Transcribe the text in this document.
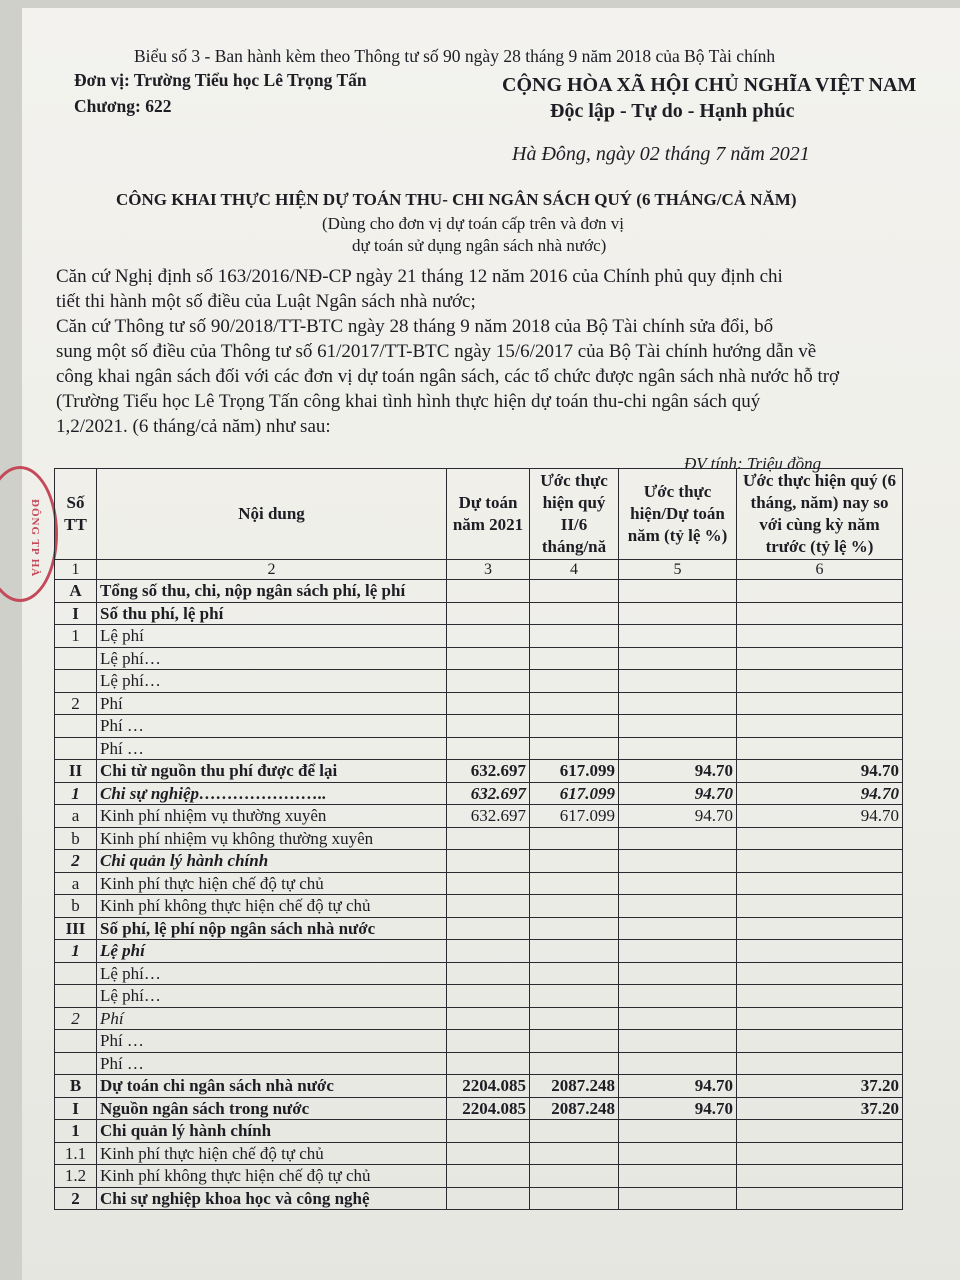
ĐÔNG TP HÀ
Biểu số 3 - Ban hành kèm theo Thông tư số 90 ngày 28 tháng 9 năm 2018 của Bộ Tài chính
Đơn vị: Trường Tiểu học Lê Trọng Tấn
Chương: 622
CỘNG HÒA XÃ HỘI CHỦ NGHĨA VIỆT NAM
Độc lập - Tự do - Hạnh phúc
Hà Đông, ngày 02 tháng 7 năm 2021
CÔNG KHAI THỰC HIỆN DỰ TOÁN THU- CHI NGÂN SÁCH QUÝ (6 THÁNG/CẢ NĂM)
(Dùng cho đơn vị dự toán cấp trên và đơn vị
dự toán sử dụng ngân sách nhà nước)
Căn cứ Nghị định số 163/2016/NĐ-CP ngày 21 tháng 12 năm 2016 của Chính phủ quy định chi
tiết thi hành một số điều của Luật Ngân sách nhà nước;
Căn cứ Thông tư số 90/2018/TT-BTC ngày 28 tháng 9 năm 2018 của Bộ Tài chính sửa đổi, bổ
sung một số điều của Thông tư số 61/2017/TT-BTC ngày 15/6/2017 của Bộ Tài chính hướng dẫn về
công khai ngân sách đối với các đơn vị dự toán ngân sách, các tổ chức được ngân sách nhà nước hỗ trợ
(Trường Tiểu học Lê Trọng Tấn công khai tình hình thực hiện dự toán thu-chi ngân sách quý
1,2/2021. (6 tháng/cả năm) như sau:
ĐV tính: Triệu đồng
Số TT	Nội dung	Dự toán năm 2021	Ước thực hiện quý II/6 tháng/nă	Ước thực hiện/Dự toán năm (tỷ lệ %)	Ước thực hiện quý (6 tháng, năm) nay so với cùng kỳ năm trước (tỷ lệ %)
1	2	3	4	5	6
A	Tổng số thu, chi, nộp ngân sách phí, lệ phí				
I	Số thu phí, lệ phí				
1	Lệ phí				
	Lệ phí…				
	Lệ phí…				
2	Phí				
	Phí …				
	Phí …				
II	Chi từ nguồn thu phí được để lại	632.697	617.099	94.70	94.70
1	Chi sự nghiệp…………………..	632.697	617.099	94.70	94.70
a	Kinh phí nhiệm vụ thường xuyên	632.697	617.099	94.70	94.70
b	Kinh phí nhiệm vụ không thường xuyên				
2	Chi quản lý hành chính				
a	Kinh phí thực hiện chế độ tự chủ				
b	Kinh phí không thực hiện chế độ tự chủ				
III	Số phí, lệ phí nộp ngân sách nhà nước				
1	Lệ phí				
	Lệ phí…				
	Lệ phí…				
2	Phí				
	Phí …				
	Phí …				
B	Dự toán chi ngân sách nhà nước	2204.085	2087.248	94.70	37.20
I	Nguồn ngân sách trong nước	2204.085	2087.248	94.70	37.20
1	Chi quản lý hành chính				
1.1	Kinh phí thực hiện chế độ tự chủ				
1.2	Kinh phí không thực hiện chế độ tự chủ				
2	Chi sự nghiệp khoa học và công nghệ				
